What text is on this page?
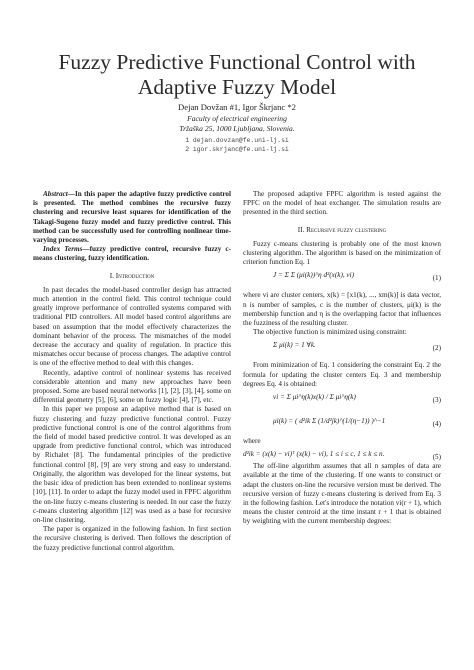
Fuzzy Predictive Functional Control with Adaptive Fuzzy Model
Dejan Dovžan #1, Igor Škrjanc *2
Faculty of electrical engineering
Tržaška 25, 1000 Ljubljana, Slovenia.
1 dejan.dovzan@fe.uni-lj.si
2 igor.skrjanc@fe.uni-lj.si

Abstract—In this paper the adaptive fuzzy predictive control is presented. The method combines the recursive fuzzy clustering and recursive least squares for identification of the Takagi-Sugeno fuzzy model and fuzzy predictive control. This method can be successfully used for controlling nonlinear time-varying processes.

Index Terms—fuzzy predictive control, recursive fuzzy c-means clustering, fuzzy identification.

I. Introduction

In past decades the model-based controller design has attracted much attention in the control field. This control technique could greatly improve performance of controlled systems compared with traditional PID controllers. All model based control algorithms are based on assumption that the model effectively characterizes the dominant behavior of the process. The mismatches of the model decrease the accuracy and quality of regulation. In practice this mismatches occur because of process changes. The adaptive control is one of the effective method to deal with this changes.

Recently, adaptive control of nonlinear systems has received considerable attention and many new approaches have been proposed. Some are based neural networks [1], [2], [3], [4], some on differential geometry [5], [6], some on fuzzy logic [4], [7], etc.

In this paper we propose an adaptive method that is based on fuzzy clustering and fuzzy predictive functional control. Fuzzy predictive functional control is one of the control algorithms from the field of model based predictive control. It was developed as an upgrade from predictive functional control, which was introduced by Richalet [8]. The fundamental principles of the predictive functional control [8], [9] are very strong and easy to understand. Originally, the algorithm was developed for the linear systems, but the basic idea of prediction has been extended to nonlinear systems [10], [11]. In order to adapt the fuzzy model used in FPFC algorithm the on-line fuzzy c-means clustering is needed. In our case the fuzzy c-means clustering algorithm [12] was used as a base for recursive on-line clustering.

The paper is organized in the following fashion. In first section the recursive clustering is derived. Then follows the description of the fuzzy predictive functional control algorithm.

The proposed adaptive FPFC algorithm is tested against the FPFC on the model of heat exchanger. The simulation results are presented in the third section.

II. Recursive fuzzy clustering

Fuzzy c-means clustering is probably one of the most known clustering algorithm. The algorithm is based on the minimization of criterion function Eq. 1

J = Σ Σ (μi(k))^η d²(x(k), vi)	(1)

where vi are cluster centers, x(k) = [x1(k), ..., xm(k)] is data vector, n is number of samples, c is the number of clusters, μi(k) is the membership function and η is the overlapping factor that influences the fuzziness of the resulting cluster.

The objective function is minimized using constraint:

Σ μi(k) = 1 ∀k.	(2)

From minimization of Eq. 1 considering the constraint Eq. 2 the formula for updating the cluster centers Eq. 3 and membership degrees Eq. 4 is obtained:

vi = Σ μi^η(k)x(k) / Σ μi^η(k)	(3)
μi(k) = ( d²ik Σ (1/d²jk)^(1/(η−1)) )^−1	(4)

where

d²ik = (x(k) − vi)ᵀ (x(k) − vi), 1 ≤ i ≤ c, 1 ≤ k ≤ n.	(5)

The off-line algorithm assumes that all n samples of data are available at the time of the clustering. If one wants to construct or adapt the clusters on-line the recursive version must be derived. The recursive version of fuzzy c-means clustering is derived from Eq. 3 in the following fashion. Let's introduce the notation vi(r + 1), which means the cluster centroid at the time instant r + 1 that is obtained by weighting with the current membership degrees:
